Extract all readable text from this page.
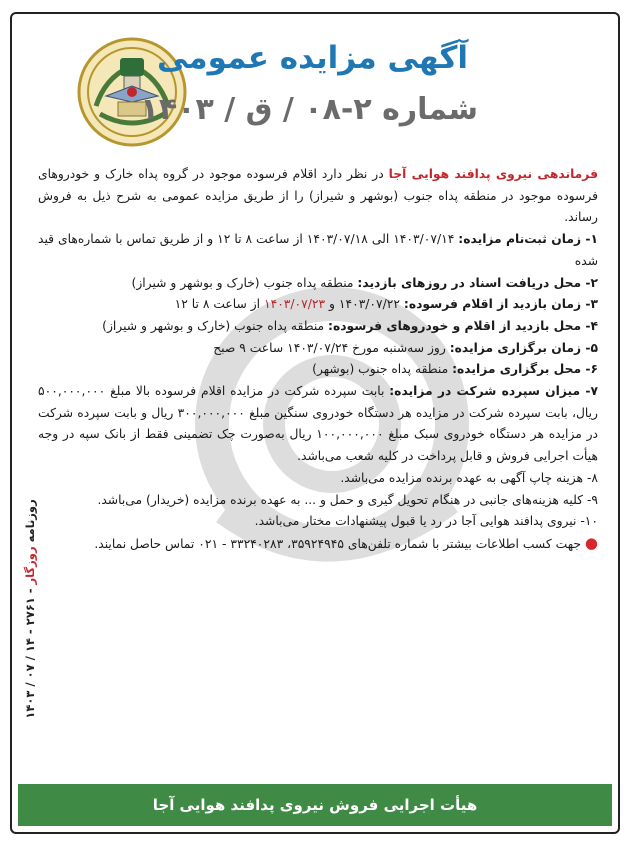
آگهی مزایده عمومی
شماره ۲-۰۸ / ق / ۱۴۰۳

فرماندهی نیروی پدافند هوایی آجا در نظر دارد اقلام فرسوده موجود در گروه پداه خارک و خودروهای فرسوده موجود در منطقه پداه جنوب (بوشهر و شیراز) را از طریق مزایده عمومی به شرح ذیل به فروش رساند.

۱- زمان ثبت‌نام مزایده: ۱۴۰۳/۰۷/۱۴ الی ۱۴۰۳/۰۷/۱۸ از ساعت ۸ تا ۱۲ و از طریق تماس با شماره‌های قید شده

۲- محل دریافت اسناد در روزهای بازدید: منطقه پداه جنوب (خارک و بوشهر و شیراز)

۳- زمان بازدید از اقلام فرسوده: ۱۴۰۳/۰۷/۲۲ و ۱۴۰۳/۰۷/۲۳ از ساعت ۸ تا ۱۲

۴- محل بازدید از اقلام و خودروهای فرسوده: منطقه پداه جنوب (خارک و بوشهر و شیراز)

۵- زمان برگزاری مزایده: روز سه‌شنبه مورخ ۱۴۰۳/۰۷/۲۴ ساعت ۹ صبح

۶- محل برگزاری مزایده: منطقه پداه جنوب (بوشهر)

۷- میزان سپرده شرکت در مزایده: بابت سپرده شرکت در مزایده اقلام فرسوده بالا مبلغ ۵۰۰,۰۰۰,۰۰۰ ریال، بابت سپرده شرکت در مزایده هر دستگاه خودروی سنگین مبلغ ۳۰۰,۰۰۰,۰۰۰ ریال و بابت سپرده شرکت در مزایده هر دستگاه خودروی سبک مبلغ ۱۰۰,۰۰۰,۰۰۰ ریال به‌صورت چک تضمینی فقط از بانک سپه در وجه هیأت اجرایی فروش و قابل پرداخت در کلیه شعب می‌باشد.

۸- هزینه چاپ آگهی به عهده برنده مزایده می‌باشد.

۹- کلیه هزینه‌های جانبی در هنگام تحویل گیری و حمل و ... به عهده برنده مزایده (خریدار) می‌باشد.

۱۰- نیروی پدافند هوایی آجا در رد یا قبول پیشنهادات مختار می‌باشد.

● جهت کسب اطلاعات بیشتر با شماره تلفن‌های ۳۵۹۲۴۹۴۵، ۳۳۲۴۰۲۸۳ - ۰۲۱ تماس حاصل نمایند.

روزنامه روزگار - ۲۷۶۱ - ۱۴ / ۰۷ / ۱۴۰۳
هیأت اجرایی فروش نیروی پدافند هوایی آجا
